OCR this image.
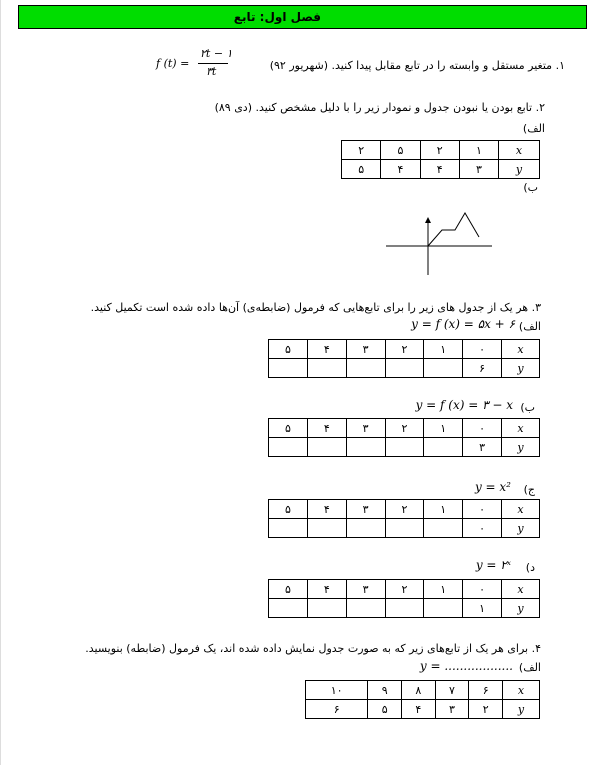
فصل اول: تابع
۱. متغیر مستقل و وابسته را در تابع مقابل پیدا کنید. (شهریور ۹۲)
f (t) =
۲t − ۱
۳t
۲. تابع بودن یا نبودن جدول و نمودار زیر را با دلیل مشخص کنید. (دی ۸۹)
الف)
x	۱	۲	۵	۲
y	۳	۴	۴	۵
ب)
۳. هر یک از جدول های زیر را برای تابع‌هایی که فرمول (ضابطه‌ی) آن‌ها داده شده است تکمیل کنید.
الف)
y = f (x) = ۵x + ۶
x	۰	۱	۲	۳	۴	۵
y	۶					
ب)
y = f (x) = ۳ − x
x	۰	۱	۲	۳	۴	۵
y	۳					
ج)
y = x²
x	۰	۱	۲	۳	۴	۵
y	۰					
د)
y = ۲ˣ
x	۰	۱	۲	۳	۴	۵
y	۱					
۴. برای هر یک از تابع‌های زیر که به صورت جدول نمایش داده شده اند، یک فرمول (ضابطه) بنویسید.
الف)
y = ..................
x	۶	۷	۸	۹	۱۰
y	۲	۳	۴	۵	۶
